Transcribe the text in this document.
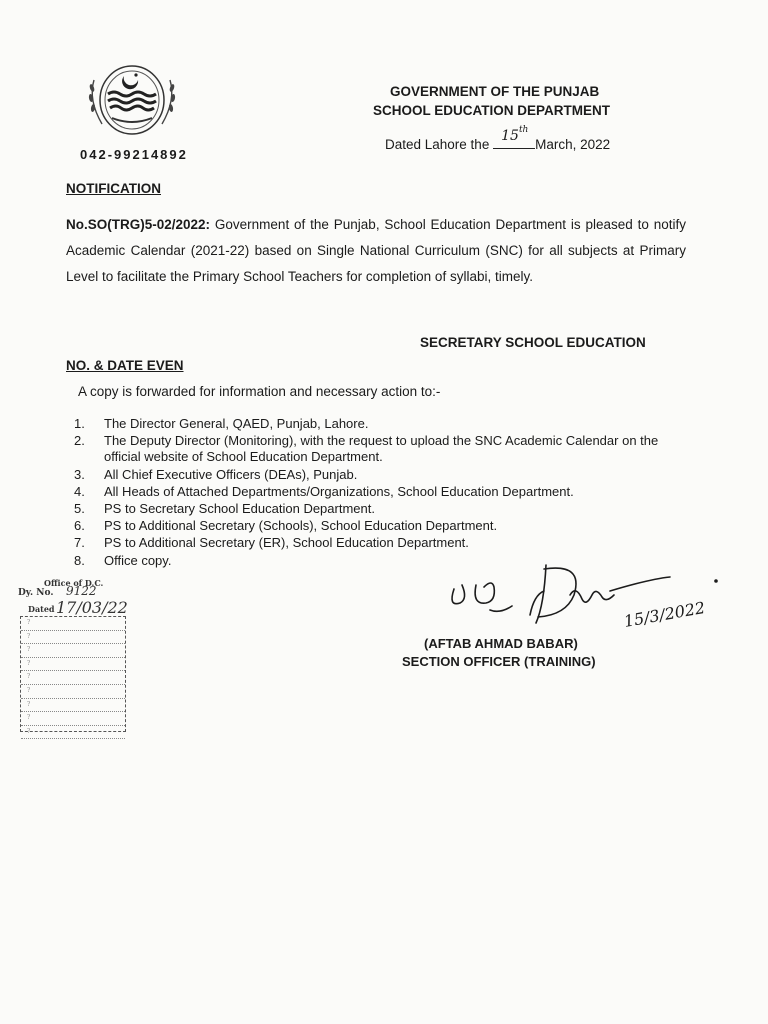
042-99214892
GOVERNMENT OF THE PUNJAB
SCHOOL EDUCATION DEPARTMENT
Dated Lahore the
15th
March, 2022
NOTIFICATION
No.SO(TRG)5-02/2022: Government of the Punjab, School Education Department is pleased to notify Academic Calendar (2021-22) based on Single National Curriculum (SNC) for all subjects at Primary Level to facilitate the Primary School Teachers for completion of syllabi, timely.
SECRETARY SCHOOL EDUCATION
NO. & DATE EVEN
A copy is forwarded for information and necessary action to:-
1.	The Director General, QAED, Punjab, Lahore.
2.	The Deputy Director (Monitoring), with the request to upload the SNC Academic Calendar on the official website of School Education Department.
3.	All Chief Executive Officers (DEAs), Punjab.
4.	All Heads of Attached Departments/Organizations, School Education Department.
5.	PS to Secretary School Education Department.
6.	PS to Additional Secretary (Schools), School Education Department.
7.	PS to Additional Secretary (ER), School Education Department.
8.	Office copy.
15/3/2022
(AFTAB AHMAD BABAR)
SECTION OFFICER (TRAINING)
Office of D.C.
Dy. No. 9122
Dated 17/03/22
?
?
?
?
?
?
?
?
?
